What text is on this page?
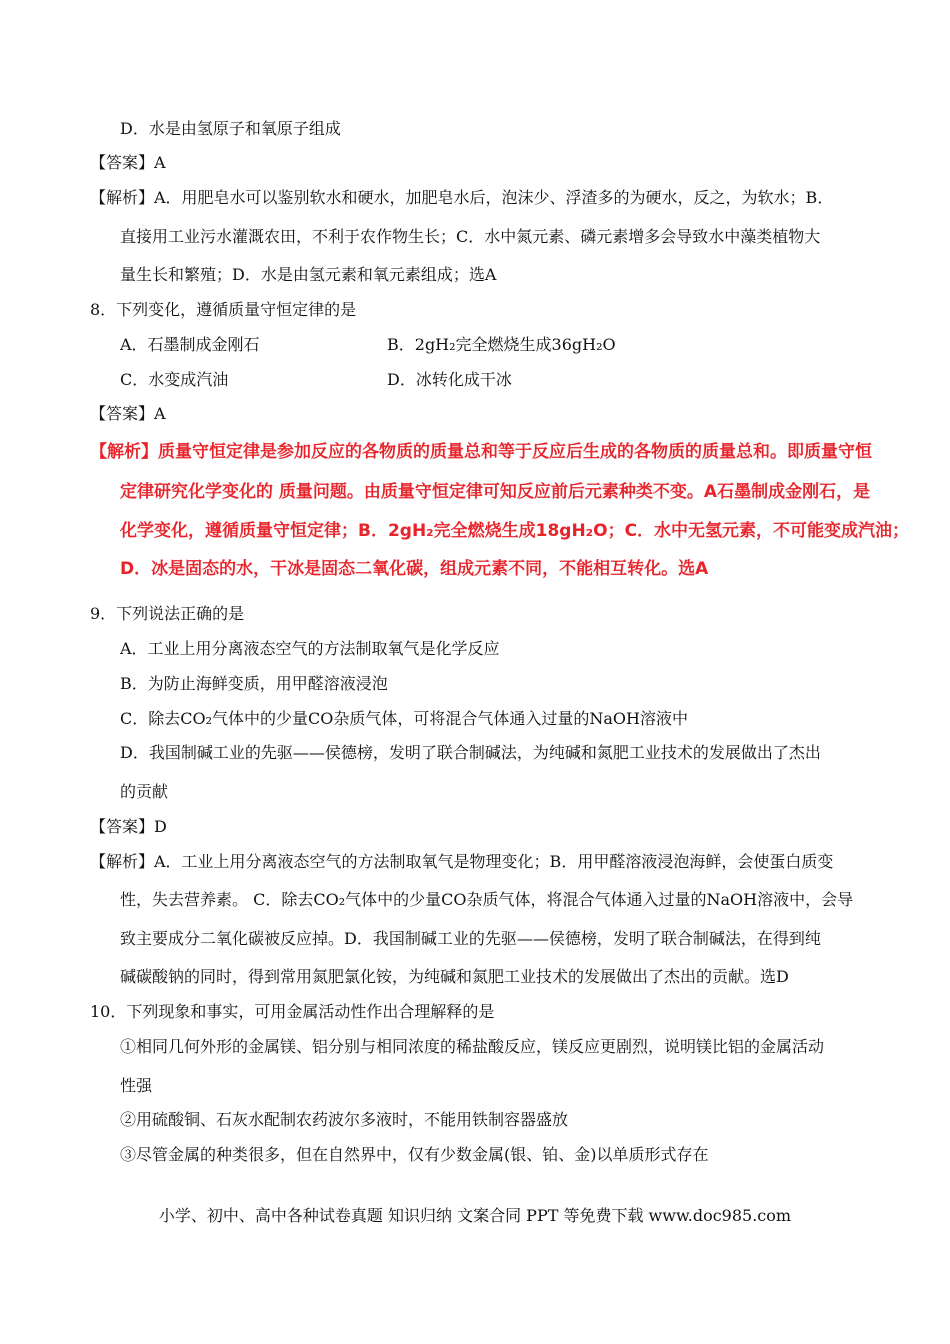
D．水是由氢原子和氧原子组成
【答案】A
【解析】A．用肥皂水可以鉴别软水和硬水，加肥皂水后，泡沫少、浮渣多的为硬水，反之，为软水；B．
直接用工业污水灌溉农田，不利于农作物生长；C．水中氮元素、磷元素增多会导致水中藻类植物大
量生长和繁殖；D．水是由氢元素和氧元素组成；选A
8．下列变化，遵循质量守恒定律的是
A．石墨制成金刚石	B．2gH₂完全燃烧生成36gH₂O
C．水变成汽油	D．冰转化成干冰
【答案】A
【解析】质量守恒定律是参加反应的各物质的质量总和等于反应后生成的各物质的质量总和。即质量守恒
定律研究化学变化的 质量问题。由质量守恒定律可知反应前后元素种类不变。A石墨制成金刚石，是
化学变化，遵循质量守恒定律；B．2gH₂完全燃烧生成18gH₂O；C．水中无氢元素，不可能变成汽油；
D．冰是固态的水，干冰是固态二氧化碳，组成元素不同，不能相互转化。选A
9．下列说法正确的是
A．工业上用分离液态空气的方法制取氧气是化学反应
B．为防止海鲜变质，用甲醛溶液浸泡
C．除去CO₂气体中的少量CO杂质气体，可将混合气体通入过量的NaOH溶液中
D．我国制碱工业的先驱——侯德榜，发明了联合制碱法，为纯碱和氮肥工业技术的发展做出了杰出
的贡献
【答案】D
【解析】A．工业上用分离液态空气的方法制取氧气是物理变化；B．用甲醛溶液浸泡海鲜，会使蛋白质变
性，失去营养素。 C．除去CO₂气体中的少量CO杂质气体，将混合气体通入过量的NaOH溶液中，会导
致主要成分二氧化碳被反应掉。D．我国制碱工业的先驱——侯德榜，发明了联合制碱法，在得到纯
碱碳酸钠的同时，得到常用氮肥氯化铵，为纯碱和氮肥工业技术的发展做出了杰出的贡献。选D
10．下列现象和事实，可用金属活动性作出合理解释的是
①相同几何外形的金属镁、铝分别与相同浓度的稀盐酸反应，镁反应更剧烈，说明镁比铝的金属活动
性强
②用硫酸铜、石灰水配制农药波尔多液时，不能用铁制容器盛放
③尽管金属的种类很多，但在自然界中，仅有少数金属(银、铂、金)以单质形式存在
小学、初中、高中各种试卷真题 知识归纳 文案合同 PPT 等免费下载 www.doc985.com
